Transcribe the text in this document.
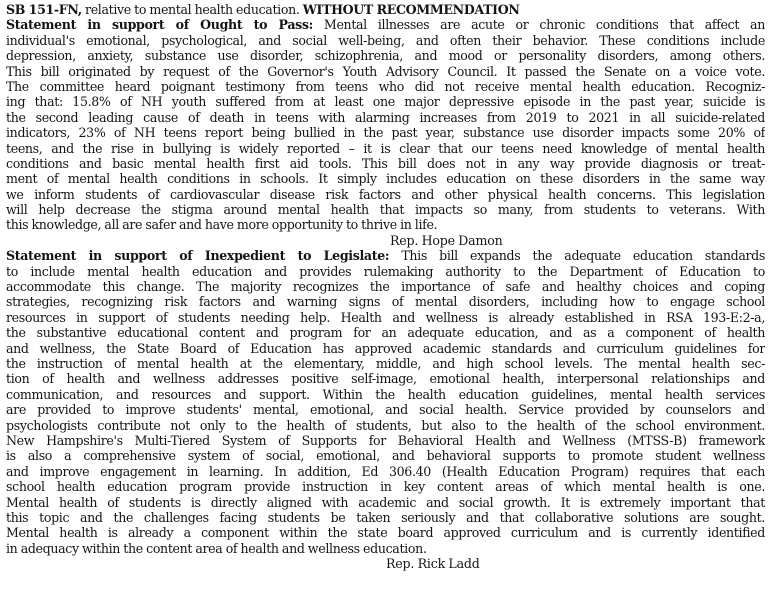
SB 151-FN, relative to mental health education. WITHOUT RECOMMENDATION
Statement in support of Ought to Pass: Mental illnesses are acute or chronic conditions that affect an
individual's emotional, psychological, and social well-being, and often their behavior. These conditions include
depression, anxiety, substance use disorder, schizophrenia, and mood or personality disorders, among others.
This bill originated by request of the Governor's Youth Advisory Council. It passed the Senate on a voice vote.
The committee heard poignant testimony from teens who did not receive mental health education. Recogniz-
ing that: 15.8% of NH youth suffered from at least one major depressive episode in the past year, suicide is
the second leading cause of death in teens with alarming increases from 2019 to 2021 in all suicide-related
indicators, 23% of NH teens report being bullied in the past year, substance use disorder impacts some 20% of
teens, and the rise in bullying is widely reported – it is clear that our teens need knowledge of mental health
conditions and basic mental health first aid tools. This bill does not in any way provide diagnosis or treat-
ment of mental health conditions in schools. It simply includes education on these disorders in the same way
we inform students of cardiovascular disease risk factors and other physical health concerns. This legislation
will help decrease the stigma around mental health that impacts so many, from students to veterans. With
this knowledge, all are safer and have more opportunity to thrive in life.
Rep. Hope Damon
Statement in support of Inexpedient to Legislate: This bill expands the adequate education standards
to include mental health education and provides rulemaking authority to the Department of Education to
accommodate this change. The majority recognizes the importance of safe and healthy choices and coping
strategies, recognizing risk factors and warning signs of mental disorders, including how to engage school
resources in support of students needing help. Health and wellness is already established in RSA 193-E:2-a,
the substantive educational content and program for an adequate education, and as a component of health
and wellness, the State Board of Education has approved academic standards and curriculum guidelines for
the instruction of mental health at the elementary, middle, and high school levels. The mental health sec-
tion of health and wellness addresses positive self-image, emotional health, interpersonal relationships and
communication, and resources and support. Within the health education guidelines, mental health services
are provided to improve students' mental, emotional, and social health. Service provided by counselors and
psychologists contribute not only to the health of students, but also to the health of the school environment.
New Hampshire's Multi-Tiered System of Supports for Behavioral Health and Wellness (MTSS-B) framework
is also a comprehensive system of social, emotional, and behavioral supports to promote student wellness
and improve engagement in learning. In addition, Ed 306.40 (Health Education Program) requires that each
school health education program provide instruction in key content areas of which mental health is one.
Mental health of students is directly aligned with academic and social growth. It is extremely important that
this topic and the challenges facing students be taken seriously and that collaborative solutions are sought.
Mental health is already a component within the state board approved curriculum and is currently identified
in adequacy within the content area of health and wellness education.
Rep. Rick Ladd
